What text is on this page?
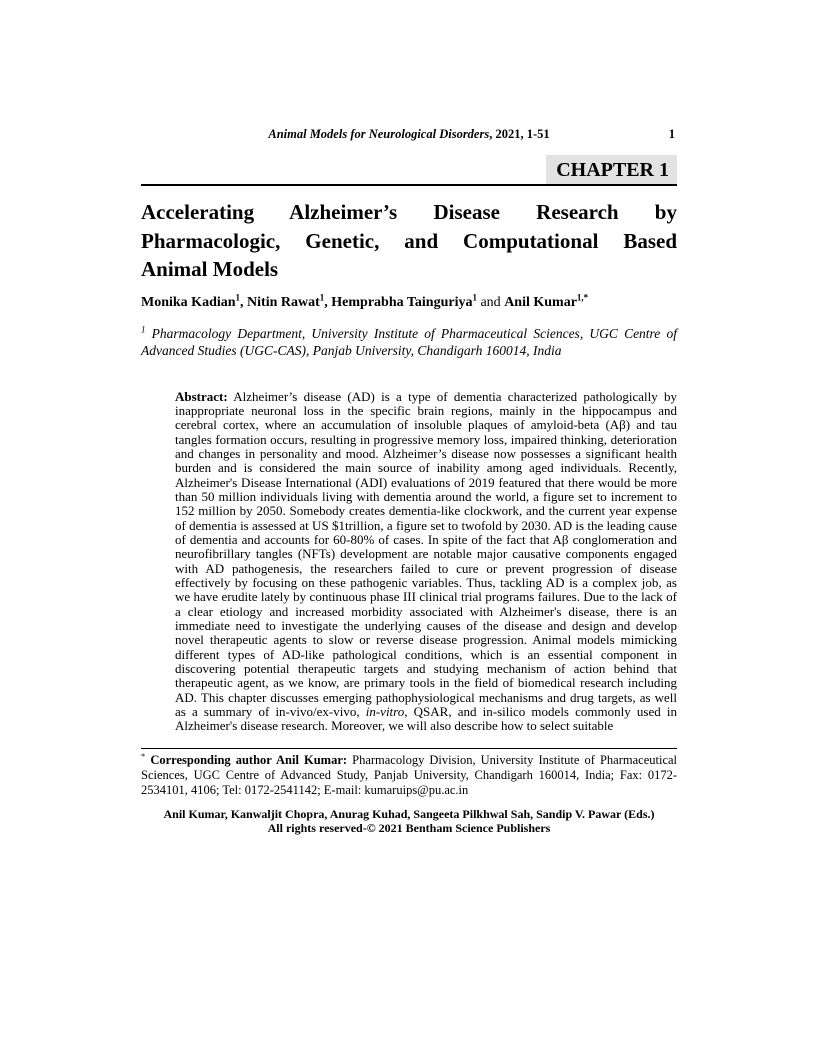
Animal Models for Neurological Disorders, 2021, 1-51	1
CHAPTER 1
Accelerating Alzheimer’s Disease Research by
Pharmacologic, Genetic, and Computational Based
Animal Models

Monika Kadian$^1$, Nitin Rawat$^1$, Hemprabha Tainguriya$^1$ and Anil Kumar$^{1,*}$

$^1$ Pharmacology Department, University Institute of Pharmaceutical Sciences, UGC Centre of Advanced Studies (UGC-CAS), Panjab University, Chandigarh 160014, India

Abstract: Alzheimer’s disease (AD) is a type of dementia characterized pathologically by inappropriate neuronal loss in the specific brain regions, mainly in the hippocampus and cerebral cortex, where an accumulation of insoluble plaques of amyloid-beta (Aβ) and tau tangles formation occurs, resulting in progressive memory loss, impaired thinking, deterioration and changes in personality and mood. Alzheimer’s disease now possesses a significant health burden and is considered the main source of inability among aged individuals. Recently, Alzheimer's Disease International (ADI) evaluations of 2019 featured that there would be more than 50 million individuals living with dementia around the world, a figure set to increment to 152 million by 2050. Somebody creates dementia-like clockwork, and the current year expense of dementia is assessed at US $1trillion, a figure set to twofold by 2030. AD is the leading cause of dementia and accounts for 60-80% of cases. In spite of the fact that Aβ conglomeration and neurofibrillary tangles (NFTs) development are notable major causative components engaged with AD pathogenesis, the researchers failed to cure or prevent progression of disease effectively by focusing on these pathogenic variables. Thus, tackling AD is a complex job, as we have erudite lately by continuous phase III clinical trial programs failures. Due to the lack of a clear etiology and increased morbidity associated with Alzheimer's disease, there is an immediate need to investigate the underlying causes of the disease and design and develop novel therapeutic agents to slow or reverse disease progression. Animal models mimicking different types of AD-like pathological conditions, which is an essential component in discovering potential therapeutic targets and studying mechanism of action behind that therapeutic agent, as we know, are primary tools in the field of biomedical research including AD. This chapter discusses emerging pathophysiological mechanisms and drug targets, as well as a summary of in-vivo/ex-vivo, in-vitro, QSAR, and in-silico models commonly used in Alzheimer's disease research. Moreover, we will also describe how to select suitable

* Corresponding author Anil Kumar: Pharmacology Division, University Institute of Pharmaceutical Sciences, UGC Centre of Advanced Study, Panjab University, Chandigarh 160014, India; Fax: 0172-2534101, 4106; Tel: 0172-2541142; E-mail: kumaruips@pu.ac.in

Anil Kumar, Kanwaljit Chopra, Anurag Kuhad, Sangeeta Pilkhwal Sah, Sandip V. Pawar (Eds.)
All rights reserved-© 2021 Bentham Science Publishers
